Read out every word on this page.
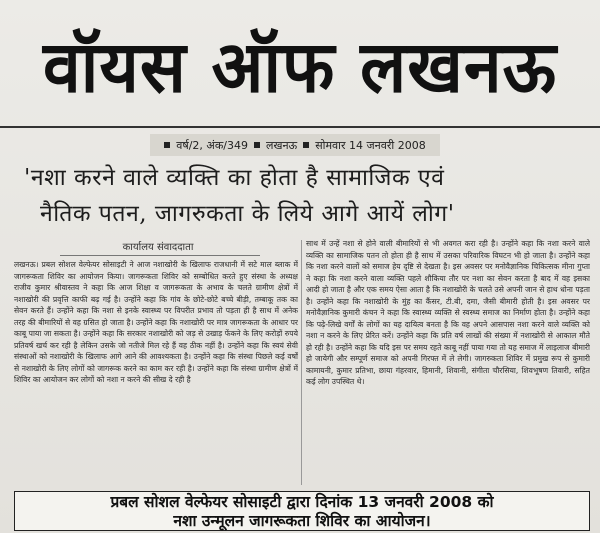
वॉयस ऑफ लखनऊ
वर्ष/2, अंक/349 लखनऊ सोमवार 14 जनवरी 2008
'नशा करने वाले व्यक्ति का होता है सामाजिक एवं
नैतिक पतन, जागरुकता के लिये आगे आयें लोग'
कार्यालय संवाददाता
लखनऊ। प्रबल सोशल वेल्फेयर सोसाइटी ने आज नशाखोरी के खिलाफ राजधानी में सटे माल ब्लाक में जागरूकता शिविर का आयोजन किया। जागरूकता शिविर को सम्बोधित करते हुए संस्था के अध्यक्ष राजीव कुमार श्रीवास्तव ने कहा कि आज शिक्षा व जागरूकता के अभाव के चलते ग्रामीण क्षेत्रों में नशाखोरी की प्रवृत्ति काफी बढ़ गई है। उन्होंने कहा कि गांव के छोटे-छोटे बच्चे बीड़ी, तम्बाकू तक का सेवन करते हैं। उन्होंने कहा कि नशा से इनके स्वास्थ्य पर विपरीत प्रभाव तो पड़ता ही है साथ में अनेक तरह की बीमारियों से वह ग्रसित हो जाता है। उन्होंने कहा कि नशाखोरी पर मात्र जागरूकता के आधार पर काबू पाया जा सकता है। उन्होंने कहा कि सरकार नशाखोरी को जड़ से उखाड़ फेंकने के लिए करोड़ों रुपये प्रतिवर्ष खर्च कर रही है लेकिन उसके जो नतीजे मिल रहे हैं वह ठीक नहीं है। उन्होंने कहा कि स्वयं सेवी संस्थाओं को नशाखोरी के खिलाफ आगे आने की आवश्यकता है। उन्होंने कहा कि संस्था पिछले कई वर्षों से नशाखोरी के लिए लोगों को जागरूक करने का काम कर रही है। उन्होंने कहा कि संस्था ग्रामीण क्षेत्रों में शिविर का आयोजन कर लोगों को नशा न करने की सीख दे रही है
साथ में उन्हें नशा से होने वाली बीमारियों से भी अवगत करा रही है। उन्होंने कहा कि नशा करने वाले व्यक्ति का सामाजिक पतन तो होता ही है साथ में उसका परिवारिक विघटन भी हो जाता है। उन्होंने कहा कि नशा करने वालों को समाज हेय दृष्टि से देखता है। इस अवसर पर मनोवैज्ञानिक चिकित्सक मीना गुप्ता ने कहा कि नशा करने वाला व्यक्ति पहले शौकिया तौर पर नशा का सेवन करता है बाद में वह इसका आदी हो जाता है और एक समय ऐसा आता है कि नशाखोरी के चलते उसे अपनी जान से हाथ धोना पड़ता है। उन्होंने कहा कि नशाखोरी के मुंह का कैंसर, टी.बी, दमा, जैसी बीमारी होती है। इस अवसर पर मनोवैज्ञानिक कुमारी कंचन ने कहा कि स्वास्थ्य व्यक्ति से स्वस्थ्य समाज का निर्माण होता है। उन्होंने कहा कि पढ़े-लिखे वर्गों के लोगों का यह दायित्व बनता है कि वह अपने आसपास नशा करने वाले व्यक्ति को नशा न करने के लिए प्रेरित करें। उन्होंने कहा कि प्रति वर्ष लाखों की संख्या में नशाखोरी से आकाल मौते हो रही है। उन्होंने कहा कि यदि इस पर समय रहते काबू नहीं पाया गया तो यह समाज में लाइलाज बीमारी हो जायेगी और सम्पूर्ण समाज को अपनी गिरफ्त में ले लेगी। जागरुकता शिविर में प्रमुख रूप से कुमारी कामायनी, कुमार प्रतिभा, छाया गंहरवार, हिमानी, शिवानी, संगीता चौरसिया, शिवभूषण तिवारी, सहित कई लोग उपस्थित थे।
प्रबल सोशल वेल्फेयर सोसाइटी द्वारा दिनांक 13 जनवरी 2008 को
नशा उन्मूलन जागरूकता शिविर का आयोजन।
